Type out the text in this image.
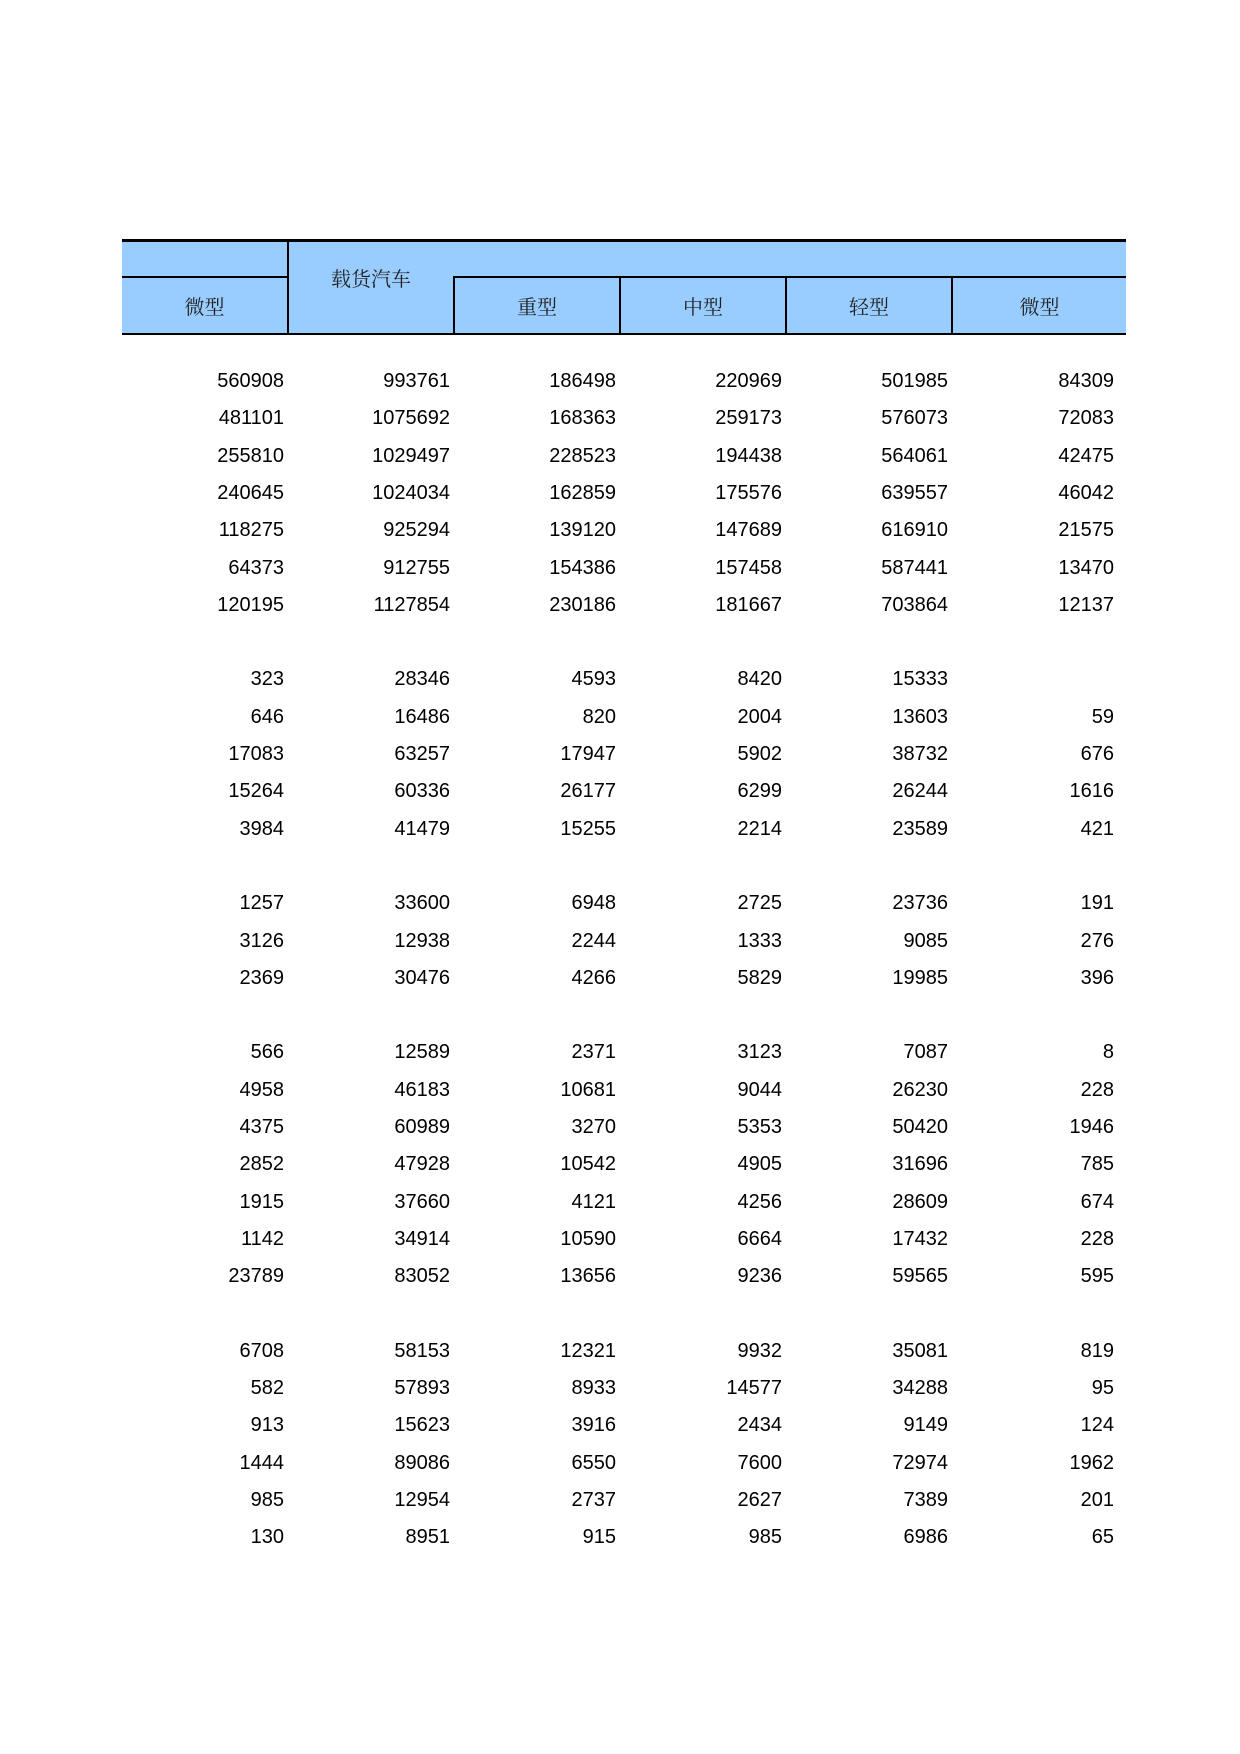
微型
载货汽车
重型	中型	轻型	微型
560908	993761	186498	220969	501985	84309
481101	1075692	168363	259173	576073	72083
255810	1029497	228523	194438	564061	42475
240645	1024034	162859	175576	639557	46042
118275	925294	139120	147689	616910	21575
64373	912755	154386	157458	587441	13470
120195	1127854	230186	181667	703864	12137
323	28346	4593	8420	15333
646	16486	820	2004	13603	59
17083	63257	17947	5902	38732	676
15264	60336	26177	6299	26244	1616
3984	41479	15255	2214	23589	421
1257	33600	6948	2725	23736	191
3126	12938	2244	1333	9085	276
2369	30476	4266	5829	19985	396
566	12589	2371	3123	7087	8
4958	46183	10681	9044	26230	228
4375	60989	3270	5353	50420	1946
2852	47928	10542	4905	31696	785
1915	37660	4121	4256	28609	674
1142	34914	10590	6664	17432	228
23789	83052	13656	9236	59565	595
6708	58153	12321	9932	35081	819
582	57893	8933	14577	34288	95
913	15623	3916	2434	9149	124
1444	89086	6550	7600	72974	1962
985	12954	2737	2627	7389	201
130	8951	915	985	6986	65
